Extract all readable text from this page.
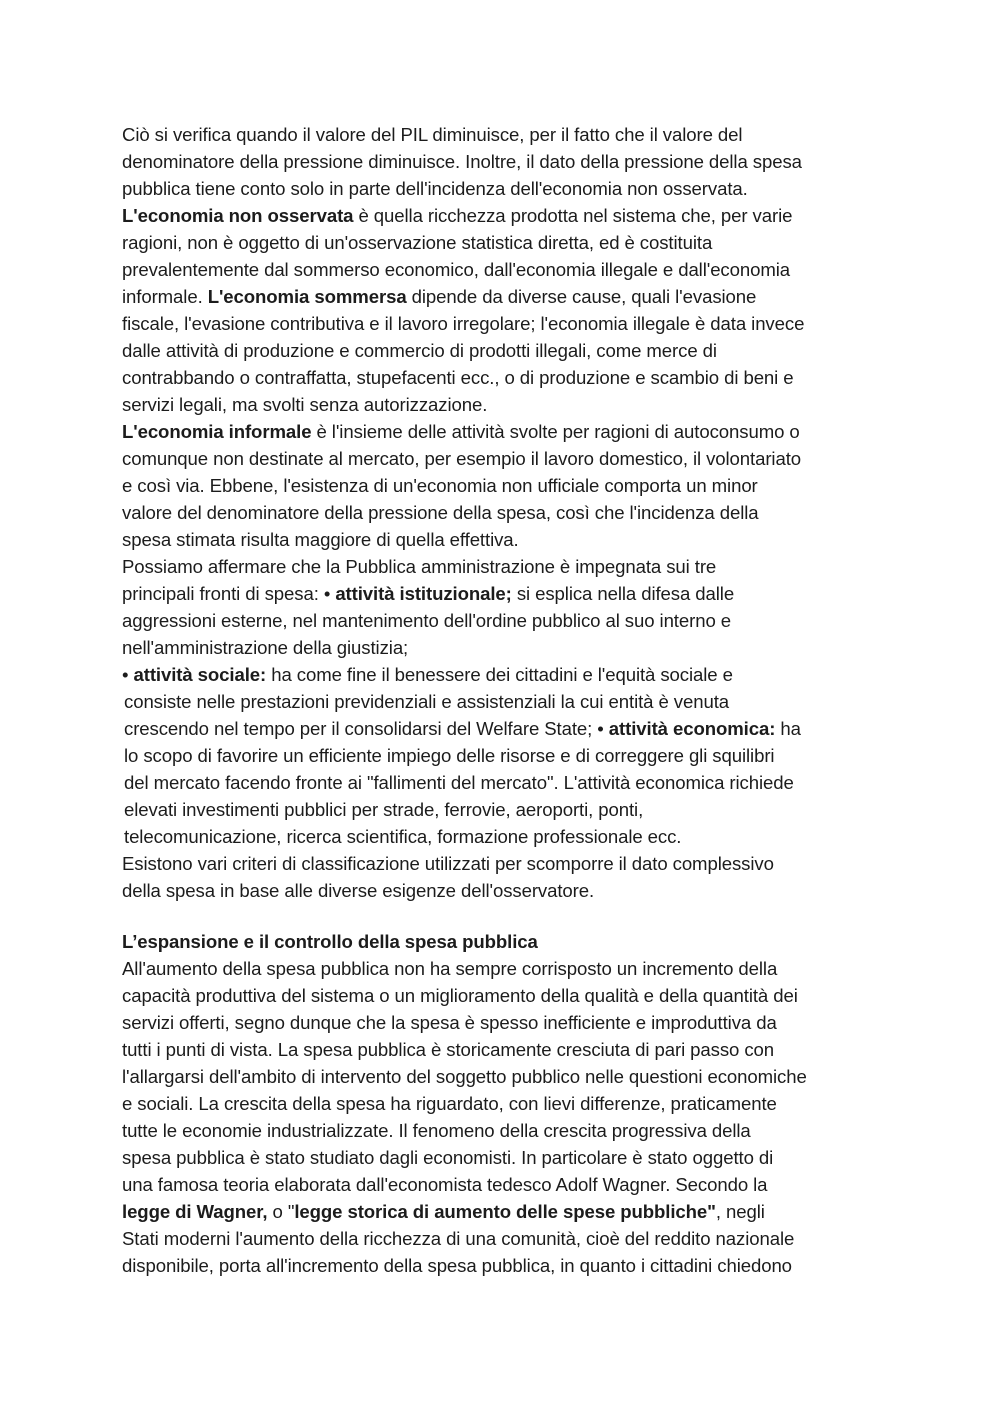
Ciò si verifica quando il valore del PIL diminuisce, per il fatto che il valore del
denominatore della pressione diminuisce. Inoltre, il dato della pressione della spesa
pubblica tiene conto solo in parte dell'incidenza dell'economia non osservata.
L'economia non osservata è quella ricchezza prodotta nel sistema che, per varie
ragioni, non è oggetto di un'osservazione statistica diretta, ed è costituita
prevalentemente dal sommerso economico, dall'economia illegale e dall'economia
informale. L'economia sommersa dipende da diverse cause, quali l'evasione
fiscale, l'evasione contributiva e il lavoro irregolare; l'economia illegale è data invece
dalle attività di produzione e commercio di prodotti illegali, come merce di
contrabbando o contraffatta, stupefacenti ecc., o di produzione e scambio di beni e
servizi legali, ma svolti senza autorizzazione.
L'economia informale è l'insieme delle attività svolte per ragioni di autoconsumo o
comunque non destinate al mercato, per esempio il lavoro domestico, il volontariato
e così via. Ebbene, l'esistenza di un'economia non ufficiale comporta un minor
valore del denominatore della pressione della spesa, così che l'incidenza della
spesa stimata risulta maggiore di quella effettiva.
Possiamo affermare che la Pubblica amministrazione è impegnata sui tre
principali fronti di spesa: • attività istituzionale; si esplica nella difesa dalle
aggressioni esterne, nel mantenimento dell'ordine pubblico al suo interno e
nell'amministrazione della giustizia;
• attività sociale: ha come fine il benessere dei cittadini e l'equità sociale e
consiste nelle prestazioni previdenziali e assistenziali la cui entità è venuta
crescendo nel tempo per il consolidarsi del Welfare State; • attività economica: ha
lo scopo di favorire un efficiente impiego delle risorse e di correggere gli squilibri
del mercato facendo fronte ai "fallimenti del mercato". L'attività economica richiede
elevati investimenti pubblici per strade, ferrovie, aeroporti, ponti,
telecomunicazione, ricerca scientifica, formazione professionale ecc.
Esistono vari criteri di classificazione utilizzati per scomporre il dato complessivo
della spesa in base alle diverse esigenze dell'osservatore.
L’espansione e il controllo della spesa pubblica
All'aumento della spesa pubblica non ha sempre corrisposto un incremento della
capacità produttiva del sistema o un miglioramento della qualità e della quantità dei
servizi offerti, segno dunque che la spesa è spesso inefficiente e improduttiva da
tutti i punti di vista. La spesa pubblica è storicamente cresciuta di pari passo con
l'allargarsi dell'ambito di intervento del soggetto pubblico nelle questioni economiche
e sociali. La crescita della spesa ha riguardato, con lievi differenze, praticamente
tutte le economie industrializzate. Il fenomeno della crescita progressiva della
spesa pubblica è stato studiato dagli economisti. In particolare è stato oggetto di
una famosa teoria elaborata dall'economista tedesco Adolf Wagner. Secondo la
legge di Wagner, o "legge storica di aumento delle spese pubbliche", negli
Stati moderni l'aumento della ricchezza di una comunità, cioè del reddito nazionale
disponibile, porta all'incremento della spesa pubblica, in quanto i cittadini chiedono
